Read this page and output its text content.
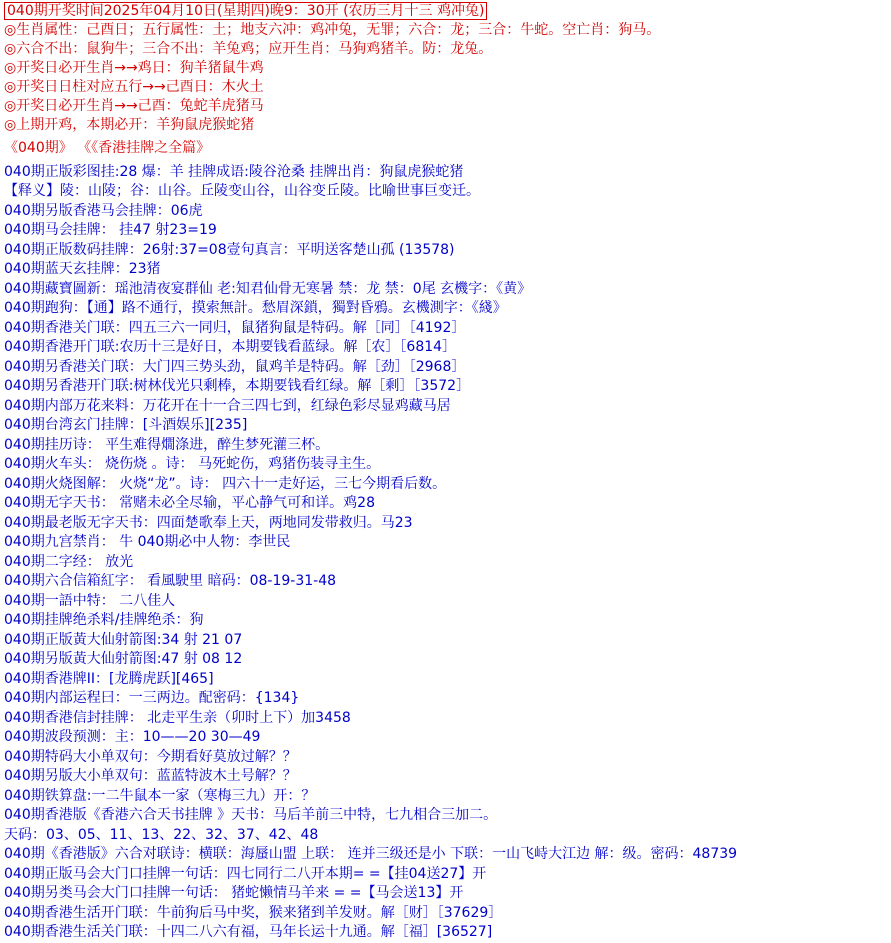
040期开奖时间2025年04月10日(星期四)晚9：30开 (农历三月十三 鸡冲兔)
◎生肖属性：己酉日；五行属性：土；地支六冲：鸡冲兔，无罪；六合：龙；三合：牛蛇。空亡肖：狗马。
◎六合不出：鼠狗牛；三合不出：羊兔鸡；应开生肖：马狗鸡猪羊。防：龙兔。
◎开奖日必开生肖→→鸡日：狗羊猪鼠牛鸡
◎开奖日日柱对应五行→→己酉日：木火土
◎开奖日必开生肖→→己酉：兔蛇羊虎猪马
◎上期开鸡，本期必开：羊狗鼠虎猴蛇猪
《040期》 《《香港挂牌之全篇》
040期正版彩图挂:28 爆：羊 挂牌成语:陵谷沧桑 挂牌出肖：狗鼠虎猴蛇猪
【释义】陵：山陵；谷：山谷。丘陵变山谷，山谷变丘陵。比喻世事巨变迁。
040期另版香港马会挂牌：06虎
040期马会挂牌： 挂47 射23=19
040期正版数码挂牌：26射:37=08壹句真言：平明送客楚山孤 (13578)
040期蓝天玄挂牌：23猪
040期藏寶圖新：瑶池清夜宴群仙 老:知君仙骨无寒暑 禁：龙 禁：0尾 玄機字：《黄》
040期跑狗：【通】路不通行，摸索無計。愁眉深鎖，獨對昏鴉。玄機測字：《綫》
040期香港关门联：四五三六一同归，鼠猪狗鼠是特码。解［同］［4192］
040期香港开门联:农历十三是好日，本期要钱看蓝绿。解［农］［6814］
040期另香港关门联：大门四三势头劲，鼠鸡羊是特码。解［劲］［2968］
040期另香港开门联:树林伐光只剩棒，本期要钱看红绿。解［剩］［3572］
040期内部万花来料：万花开在十一合三四七到，红绿色彩尽显鸡藏马居
040期台湾玄门挂牌：[斗酒娱乐][235]
040期挂历诗： 平生难得燗涤进，醉生梦死灌三杯。
040期火车头： 烧伤烧 。诗： 马死蛇伤，鸡猪伤装寻主生。
040期火烧图解： 火烧“龙”。诗： 四六十一走好运，三七今期看后数。
040期无字天书： 常赌未必全尽输，平心静气可和详。鸡28
040期最老版无字天书：四面楚歌奉上天，两地同发带救归。马23
040期九宫禁肖： 牛 040期必中人物：李世民
040期二字经： 放光
040期六合信箱紅字： 看風駛里 暗码：08-19-31-48
040期一語中特： 二八佳人
040期挂牌绝杀料/挂牌绝杀：狗
040期正版黃大仙射箭图:34 射 21 07
040期另版黃大仙射箭图:47 射 08 12
040期香港牌II：[龙腾虎跃][465]
040期内部运程曰：一三两边。配密码：{134}
040期香港信封挂牌： 北走平生亲（卯时上下）加3458
040期波段预测：主：10——20 30—49
040期特码大小单双句：今期看好莫放过解？？
040期另版大小单双句：蓝蓝特波木土号解？？
040期铁算盘:一二牛鼠本一家（寒梅三九）开：？
040期香港版《香港六合天书挂牌 》天书：马后羊前三中特，七九相合三加二。
天码：03、05、11、13、22、32、37、42、48
040期《香港版》六合对联诗：横联：海蜃山盟 上联： 连并三级还是小 下联：一山飞峙大江边 解：级。密码：48739
040期正版马会大门口挂牌一句话：四七同行二八开本期= =【挂04送27】开
040期另类马会大门口挂牌一句话： 猪蛇懒情马羊来 = =【马会送13】开
040期香港生活开门联：牛前狗后马中奖，猴来猪到羊发财。解［财］［37629］
040期香港生活关门联：十四二八六有福，马年长运十九通。解［福］[36527]
